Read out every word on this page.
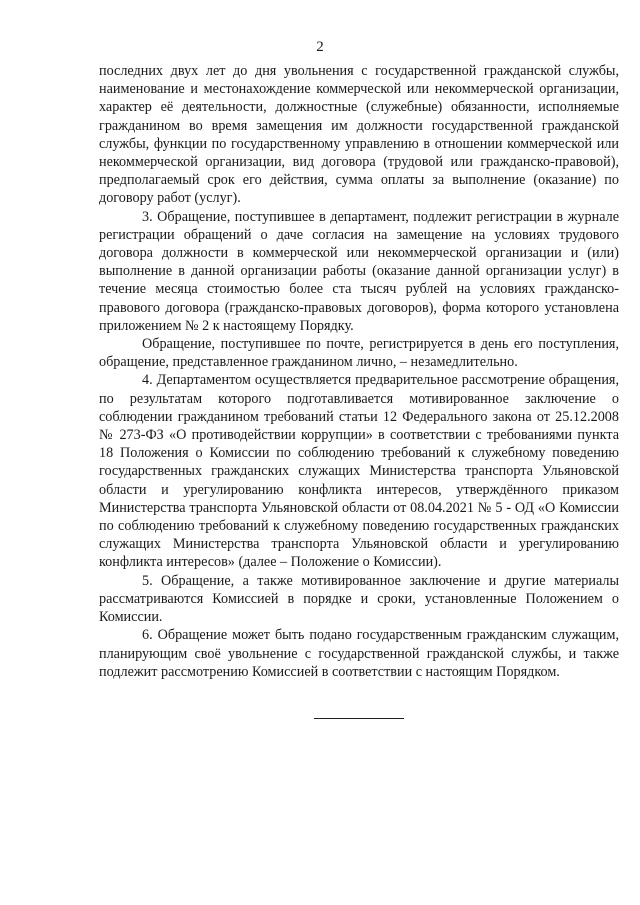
2

последних двух лет до дня увольнения с государственной гражданской службы, наименование и местонахождение коммерческой или некоммерческой организации, характер её деятельности, должностные (служебные) обязанности, исполняемые гражданином во время замещения им должности государственной гражданской службы, функции по государственному управлению в отношении коммерческой или некоммерческой организации, вид договора (трудовой или гражданско-правовой), предполагаемый срок его действия, сумма оплаты за выполнение (оказание) по договору работ (услуг).

3. Обращение, поступившее в департамент, подлежит регистрации в журнале регистрации обращений о даче согласия на замещение на условиях трудового договора должности в коммерческой или некоммерческой организации и (или) выполнение в данной организации работы (оказание данной организации услуг) в течение месяца стоимостью более ста тысяч рублей на условиях гражданско-правового договора (гражданско-правовых договоров), форма которого установлена приложением № 2 к настоящему Порядку.

Обращение, поступившее по почте, регистрируется в день его поступления, обращение, представленное гражданином лично, – незамедлительно.

4. Департаментом осуществляется предварительное рассмотрение обращения, по результатам которого подготавливается мотивированное заключение о соблюдении гражданином требований статьи 12 Федерального закона от 25.12.2008 № 273-ФЗ «О противодействии коррупции» в соответствии с требованиями пункта 18 Положения о Комиссии по соблюдению требований к служебному поведению государственных гражданских служащих Министерства транспорта Ульяновской области и урегулированию конфликта интересов, утверждённого приказом Министерства транспорта Ульяновской области от 08.04.2021 № 5 - ОД «О Комиссии по соблюдению требований к служебному поведению государственных гражданских служащих Министерства транспорта Ульяновской области и урегулированию конфликта интересов» (далее – Положение о Комиссии).

5. Обращение, а также мотивированное заключение и другие материалы рассматриваются Комиссией в порядке и сроки, установленные Положением о Комиссии.

6. Обращение может быть подано государственным гражданским служащим, планирующим своё увольнение с государственной гражданской службы, и также подлежит рассмотрению Комиссией в соответствии с настоящим Порядком.
